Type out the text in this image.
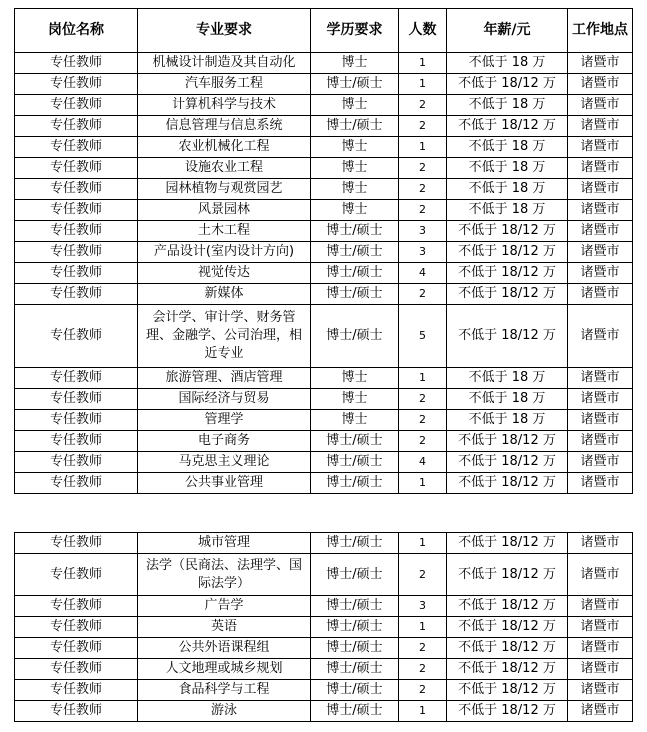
岗位名称	专业要求	学历要求	人数	年薪/元	工作地点
专任教师	机械设计制造及其自动化	博士	1	不低于 18 万	诸暨市
专任教师	汽车服务工程	博士/硕士	1	不低于 18/12 万	诸暨市
专任教师	计算机科学与技术	博士	2	不低于 18 万	诸暨市
专任教师	信息管理与信息系统	博士/硕士	2	不低于 18/12 万	诸暨市
专任教师	农业机械化工程	博士	1	不低于 18 万	诸暨市
专任教师	设施农业工程	博士	2	不低于 18 万	诸暨市
专任教师	园林植物与观赏园艺	博士	2	不低于 18 万	诸暨市
专任教师	风景园林	博士	2	不低于 18 万	诸暨市
专任教师	土木工程	博士/硕士	3	不低于 18/12 万	诸暨市
专任教师	产品设计(室内设计方向)	博士/硕士	3	不低于 18/12 万	诸暨市
专任教师	视觉传达	博士/硕士	4	不低于 18/12 万	诸暨市
专任教师	新媒体	博士/硕士	2	不低于 18/12 万	诸暨市
专任教师	会计学、审计学、财务管理、金融学、公司治理，相近专业	博士/硕士	5	不低于 18/12 万	诸暨市
专任教师	旅游管理、酒店管理	博士	1	不低于 18 万	诸暨市
专任教师	国际经济与贸易	博士	2	不低于 18 万	诸暨市
专任教师	管理学	博士	2	不低于 18 万	诸暨市
专任教师	电子商务	博士/硕士	2	不低于 18/12 万	诸暨市
专任教师	马克思主义理论	博士/硕士	4	不低于 18/12 万	诸暨市
专任教师	公共事业管理	博士/硕士	1	不低于 18/12 万	诸暨市
专任教师	城市管理	博士/硕士	1	不低于 18/12 万	诸暨市
专任教师	法学（民商法、法理学、国际法学）	博士/硕士	2	不低于 18/12 万	诸暨市
专任教师	广告学	博士/硕士	3	不低于 18/12 万	诸暨市
专任教师	英语	博士/硕士	1	不低于 18/12 万	诸暨市
专任教师	公共外语课程组	博士/硕士	2	不低于 18/12 万	诸暨市
专任教师	人文地理或城乡规划	博士/硕士	2	不低于 18/12 万	诸暨市
专任教师	食品科学与工程	博士/硕士	2	不低于 18/12 万	诸暨市
专任教师	游泳	博士/硕士	1	不低于 18/12 万	诸暨市
